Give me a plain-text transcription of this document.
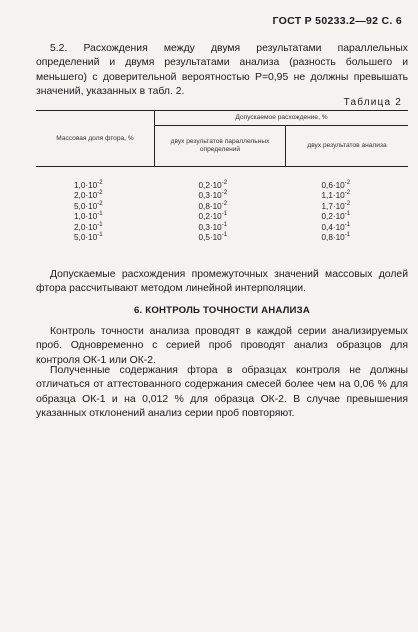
ГОСТ Р 50233.2—92 С. 6

5.2. Расхождения между двумя результатами параллельных определений и двумя результатами анализа (разность большего и меньшего) с доверительной вероятностью P=0,95 не должны превышать значений, указанных в табл. 2.

Таблица 2
Массовая доля фтора, %	Допускаемое расхождение, %	
	двух результатов параллельных определений	двух результатов анализа
$1,0\cdot 10^{-2}$	$0,2\cdot 10^{-2}$	$0,6\cdot 10^{-2}$
$2,0\cdot 10^{-2}$	$0,3\cdot 10^{-2}$	$1,1\cdot 10^{-2}$
$5,0\cdot 10^{-2}$	$0,8\cdot 10^{-2}$	$1,7\cdot 10^{-2}$
$1,0\cdot 10^{-1}$	$0,2\cdot 10^{-1}$	$0,2\cdot 10^{-1}$
$2,0\cdot 10^{-1}$	$0,3\cdot 10^{-1}$	$0,4\cdot 10^{-1}$
$5,0\cdot 10^{-1}$	$0,5\cdot 10^{-1}$	$0,8\cdot 10^{-1}$

Допускаемые расхождения промежуточных значений массовых долей фтора рассчитывают методом линейной интерполяции.

6. КОНТРОЛЬ ТОЧНОСТИ АНАЛИЗА

Контроль точности анализа проводят в каждой серии анализируемых проб. Одновременно с серией проб проводят анализ образцов для контроля ОК-1 или ОК-2.

Полученные содержания фтора в образцах контроля не должны отличаться от аттестованного содержания смесей более чем на 0,06 % для образца ОК-1 и на 0,012 % для образца ОК-2. В случае превышения указанных отклонений анализ серии проб повторяют.
